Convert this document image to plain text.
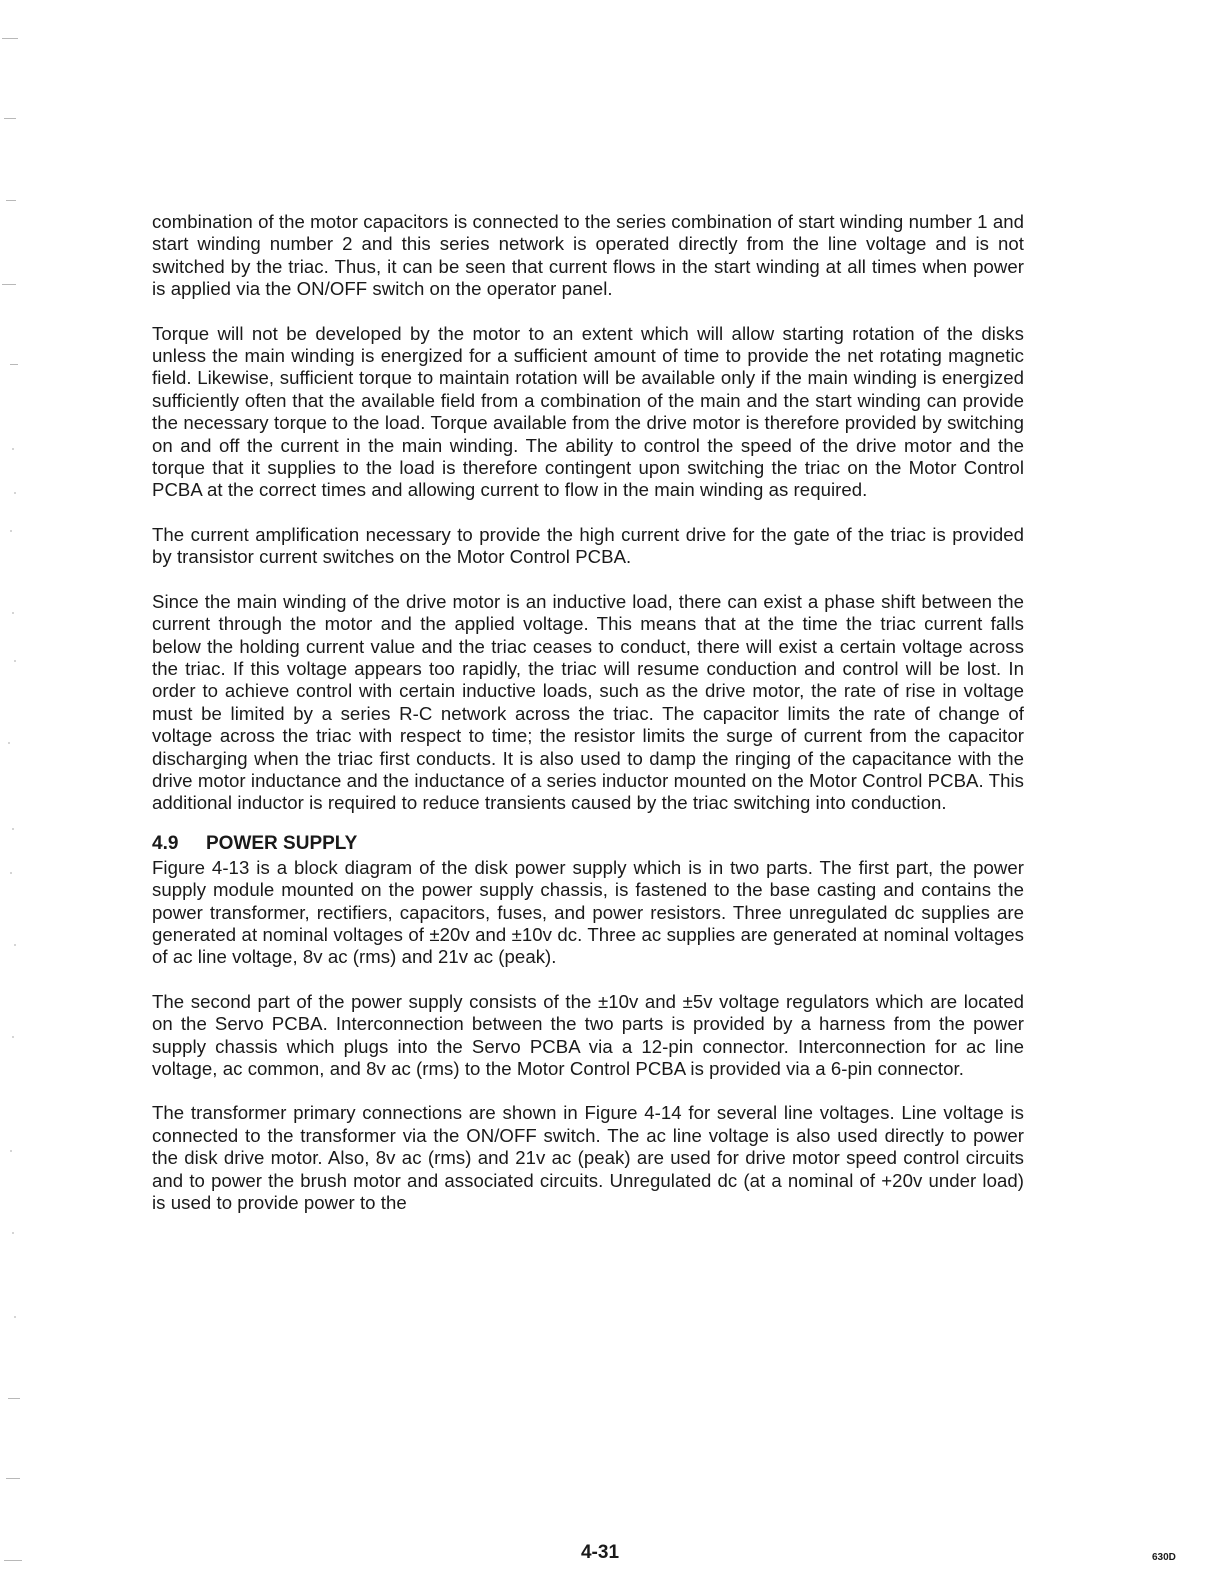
combination of the motor capacitors is connected to the series combination of start winding number 1 and start winding number 2 and this series network is operated directly from the line voltage and is not switched by the triac. Thus, it can be seen that current flows in the start winding at all times when power is applied via the ON/OFF switch on the operator panel.

Torque will not be developed by the motor to an extent which will allow starting rotation of the disks unless the main winding is energized for a sufficient amount of time to provide the net rotating magnetic field. Likewise, sufficient torque to maintain rotation will be available only if the main winding is energized sufficiently often that the available field from a combination of the main and the start winding can provide the necessary torque to the load. Torque available from the drive motor is therefore provided by switching on and off the current in the main winding. The ability to control the speed of the drive motor and the torque that it supplies to the load is therefore contingent upon switching the triac on the Motor Control PCBA at the correct times and allowing current to flow in the main winding as required.

The current amplification necessary to provide the high current drive for the gate of the triac is provided by transistor current switches on the Motor Control PCBA.

Since the main winding of the drive motor is an inductive load, there can exist a phase shift between the current through the motor and the applied voltage. This means that at the time the triac current falls below the holding current value and the triac ceases to conduct, there will exist a certain voltage across the triac. If this voltage appears too rapidly, the triac will resume conduction and control will be lost. In order to achieve control with certain inductive loads, such as the drive motor, the rate of rise in voltage must be limited by a series R-C network across the triac. The capacitor limits the rate of change of voltage across the triac with respect to time; the resistor limits the surge of current from the capacitor discharging when the triac first conducts. It is also used to damp the ringing of the capacitance with the drive motor inductance and the inductance of a series inductor mounted on the Motor Control PCBA. This additional inductor is required to reduce transients caused by the triac switching into conduction.

4.9 POWER SUPPLY

Figure 4-13 is a block diagram of the disk power supply which is in two parts. The first part, the power supply module mounted on the power supply chassis, is fastened to the base casting and contains the power transformer, rectifiers, capacitors, fuses, and power resistors. Three unregulated dc supplies are generated at nominal voltages of ±20v and ±10v dc. Three ac supplies are generated at nominal voltages of ac line voltage, 8v ac (rms) and 21v ac (peak).

The second part of the power supply consists of the ±10v and ±5v voltage regulators which are located on the Servo PCBA. Interconnection between the two parts is provided by a harness from the power supply chassis which plugs into the Servo PCBA via a 12-pin connector. Interconnection for ac line voltage, ac common, and 8v ac (rms) to the Motor Control PCBA is provided via a 6-pin connector.

The transformer primary connections are shown in Figure 4-14 for several line voltages. Line voltage is connected to the transformer via the ON/OFF switch. The ac line voltage is also used directly to power the disk drive motor. Also, 8v ac (rms) and 21v ac (peak) are used for drive motor speed control circuits and to power the brush motor and associated circuits. Unregulated dc (at a nominal of +20v under load) is used to provide power to the

4-31	630D
